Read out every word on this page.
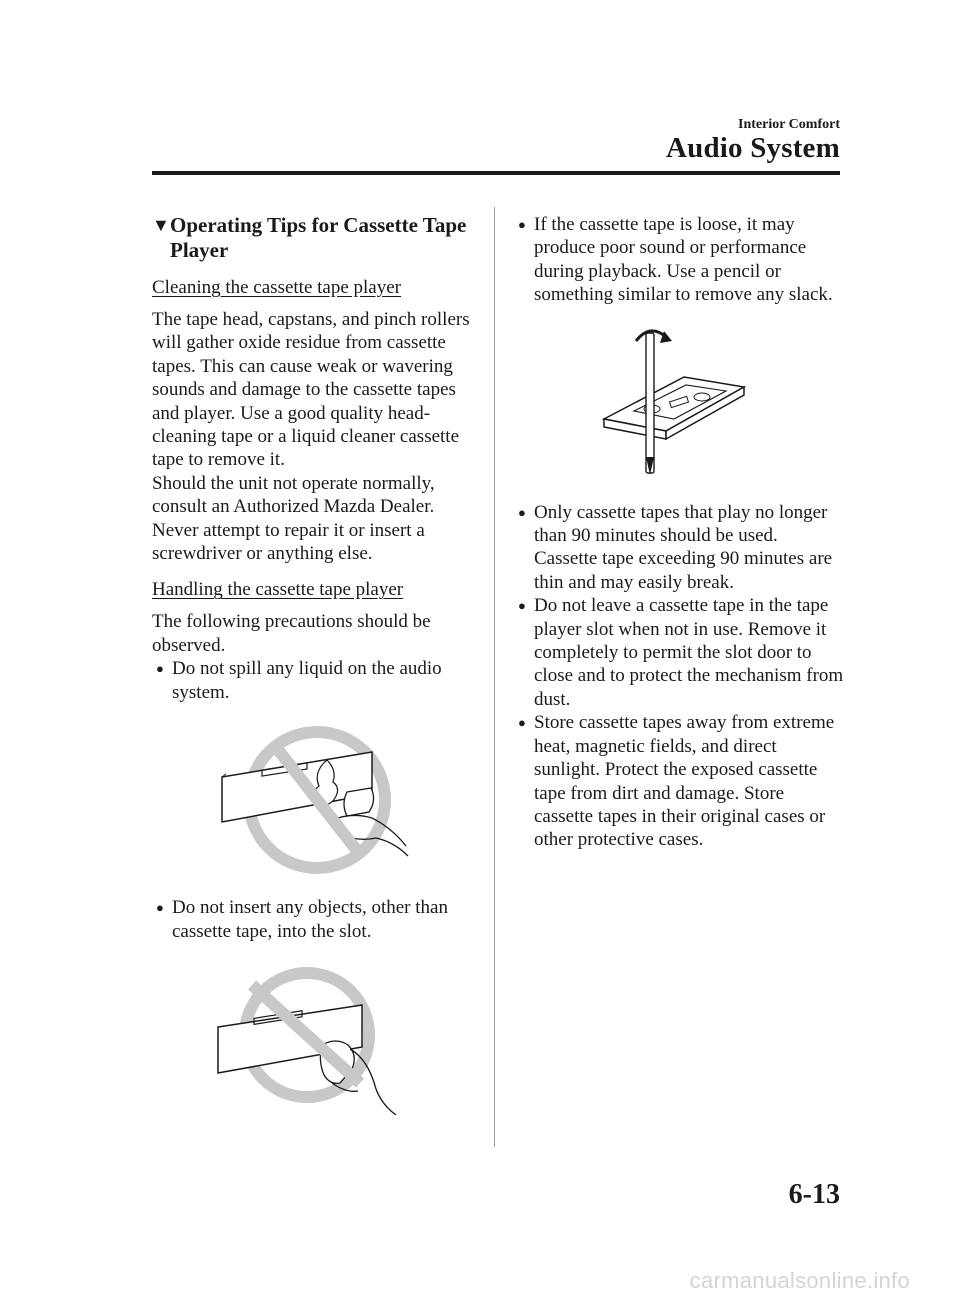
Interior Comfort
Audio System
▼ Operating Tips for Cassette Tape Player
Cleaning the cassette tape player

The tape head, capstans, and pinch rollers will gather oxide residue from cassette tapes. This can cause weak or wavering sounds and damage to the cassette tapes and player. Use a good quality head-cleaning tape or a liquid cleaner cassette tape to remove it.

Should the unit not operate normally, consult an Authorized Mazda Dealer. Never attempt to repair it or insert a screwdriver or anything else.

Handling the cassette tape player

The following precautions should be observed.

● Do not spill any liquid on the audio system.
● Do not insert any objects, other than cassette tape, into the slot.
● If the cassette tape is loose, it may produce poor sound or performance during playback. Use a pencil or something similar to remove any slack.
● Only cassette tapes that play no longer than 90 minutes should be used. Cassette tape exceeding 90 minutes are thin and may easily break.
● Do not leave a cassette tape in the tape player slot when not in use. Remove it completely to permit the slot door to close and to protect the mechanism from dust.
● Store cassette tapes away from extreme heat, magnetic fields, and direct sunlight. Protect the exposed cassette tape from dirt and damage. Store cassette tapes in their original cases or other protective cases.
6-13
carmanualsonline.info
